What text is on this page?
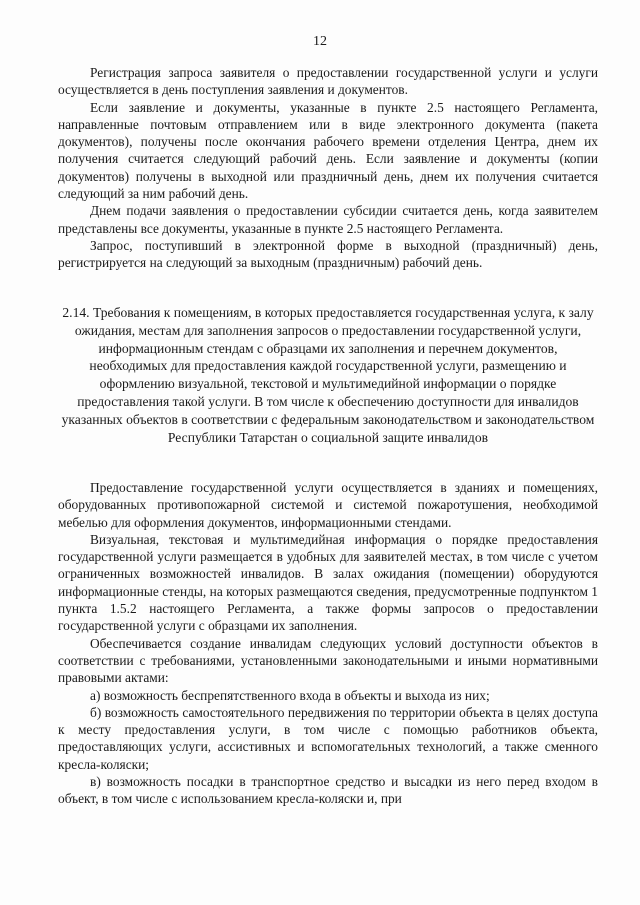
12

Регистрация запроса заявителя о предоставлении государственной услуги и услуги осуществляется в день поступления заявления и документов.

Если заявление и документы, указанные в пункте 2.5 настоящего Регламента, направленные почтовым отправлением или в виде электронного документа (пакета документов), получены после окончания рабочего времени отделения Центра, днем их получения считается следующий рабочий день. Если заявление и документы (копии документов) получены в выходной или праздничный день, днем их получения считается следующий за ним рабочий день.

Днем подачи заявления о предоставлении субсидии считается день, когда заявителем представлены все документы, указанные в пункте 2.5 настоящего Регламента.

Запрос, поступивший в электронной форме в выходной (праздничный) день, регистрируется на следующий за выходным (праздничным) рабочий день.

2.14. Требования к помещениям, в которых предоставляется государственная услуга, к залу ожидания, местам для заполнения запросов о предоставлении государственной услуги, информационным стендам с образцами их заполнения и перечнем документов, необходимых для предоставления каждой государственной услуги, размещению и оформлению визуальной, текстовой и мультимедийной информации о порядке предоставления такой услуги. В том числе к обеспечению доступности для инвалидов указанных объектов в соответствии с федеральным законодательством и законодательством Республики Татарстан о социальной защите инвалидов

Предоставление государственной услуги осуществляется в зданиях и помещениях, оборудованных противопожарной системой и системой пожаротушения, необходимой мебелью для оформления документов, информационными стендами.

Визуальная, текстовая и мультимедийная информация о порядке предоставления государственной услуги размещается в удобных для заявителей местах, в том числе с учетом ограниченных возможностей инвалидов. В залах ожидания (помещении) оборудуются информационные стенды, на которых размещаются сведения, предусмотренные подпунктом 1 пункта 1.5.2 настоящего Регламента, а также формы запросов о предоставлении государственной услуги с образцами их заполнения.

Обеспечивается создание инвалидам следующих условий доступности объектов в соответствии с требованиями, установленными законодательными и иными нормативными правовыми актами:

а) возможность беспрепятственного входа в объекты и выхода из них;

б) возможность самостоятельного передвижения по территории объекта в целях доступа к месту предоставления услуги, в том числе с помощью работников объекта, предоставляющих услуги, ассистивных и вспомогательных технологий, а также сменного кресла-коляски;

в) возможность посадки в транспортное средство и высадки из него перед входом в объект, в том числе с использованием кресла-коляски и, при
